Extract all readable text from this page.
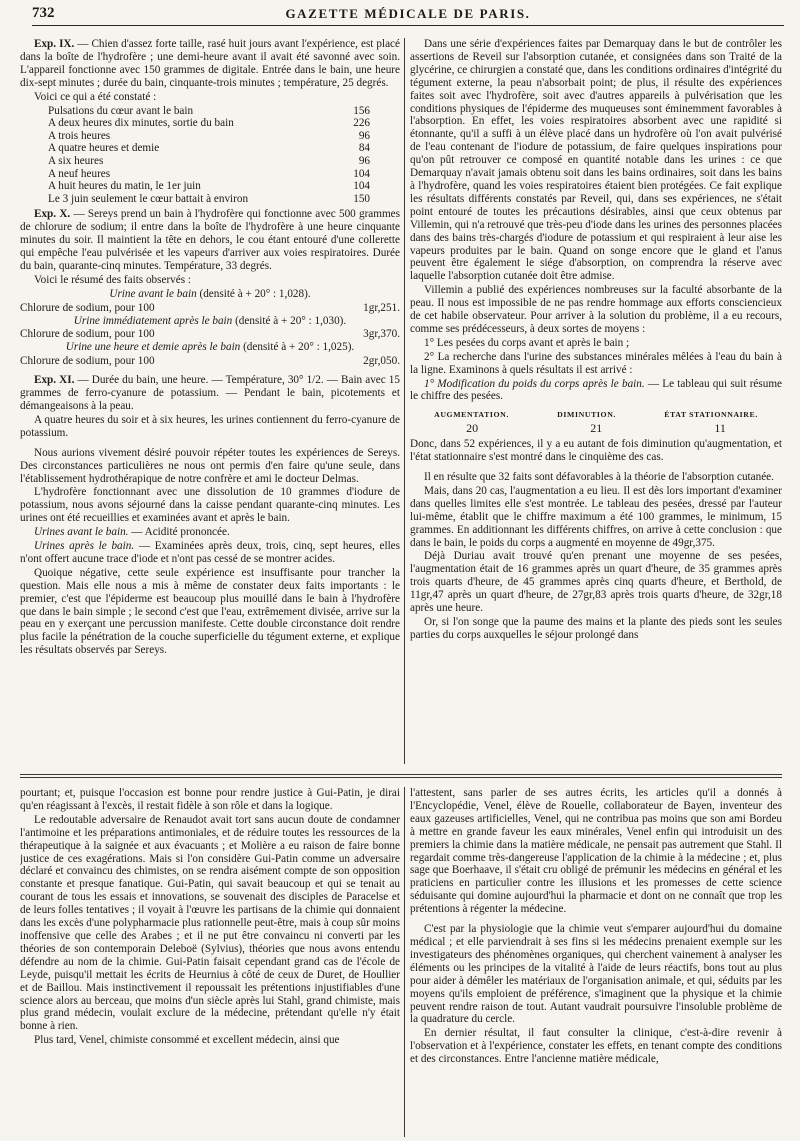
732	GAZETTE MÉDICALE DE PARIS.

Exp. IX. — Chien d'assez forte taille, rasé huit jours avant l'expérience, est placé dans la boîte de l'hydrofère ; une demi-heure avant il avait été savonné avec soin. L'appareil fonctionne avec 150 grammes de digitale. Entrée dans le bain, une heure dix-sept minutes ; durée du bain, cinquante-trois minutes ; température, 25 degrés.

Voici ce qui a été constaté :

Pulsations du cœur avant le bain	156
A deux heures dix minutes, sortie du bain	226
A trois heures	96
A quatre heures et demie	84
A six heures	96
A neuf heures	104
A huit heures du matin, le 1er juin	104
Le 3 juin seulement le cœur battait à environ	150

Exp. X. — Sereys prend un bain à l'hydrofère qui fonctionne avec 500 grammes de chlorure de sodium; il entre dans la boîte de l'hydrofère à une heure cinquante minutes du soir. Il maintient la tête en dehors, le cou étant entouré d'une collerette qui empêche l'eau pulvérisée et les vapeurs d'arriver aux voies respiratoires. Durée du bain, quarante-cinq minutes. Température, 33 degrés.

Voici le résumé des faits observés :

Urine avant le bain (densité à + 20° : 1,028).

Chlorure de sodium, pour 100	1gr,251.

Urine immédiatement après le bain (densité à + 20° : 1,030).

Chlorure de sodium, pour 100	3gr,370.

Urine une heure et demie après le bain (densité à + 20° : 1,025).

Chlorure de sodium, pour 100	2gr,050.

Exp. XI. — Durée du bain, une heure. — Température, 30° 1/2. — Bain avec 15 grammes de ferro-cyanure de potassium. — Pendant le bain, picotements et démangeaisons à la peau.

A quatre heures du soir et à six heures, les urines contiennent du ferro-cyanure de potassium.

Nous aurions vivement désiré pouvoir répéter toutes les expériences de Sereys. Des circonstances particulières ne nous ont permis d'en faire qu'une seule, dans l'établissement hydrothérapique de notre confrère et ami le docteur Delmas.

L'hydrofère fonctionnant avec une dissolution de 10 grammes d'iodure de potassium, nous avons séjourné dans la caisse pendant quarante-cinq minutes. Les urines ont été recueillies et examinées avant et après le bain.

Urines avant le bain. — Acidité prononcée.

Urines après le bain. — Examinées après deux, trois, cinq, sept heures, elles n'ont offert aucune trace d'iode et n'ont pas cessé de se montrer acides.

Quoique négative, cette seule expérience est insuffisante pour trancher la question. Mais elle nous a mis à même de constater deux faits importants : le premier, c'est que l'épiderme est beaucoup plus mouillé dans le bain à l'hydrofère que dans le bain simple ; le second c'est que l'eau, extrêmement divisée, arrive sur la peau en y exerçant une percussion manifeste. Cette double circonstance doit rendre plus facile la pénétration de la couche superficielle du tégument externe, et explique les résultats observés par Sereys.

Dans une série d'expériences faites par Demarquay dans le but de contrôler les assertions de Reveil sur l'absorption cutanée, et consignées dans son Traité de la glycérine, ce chirurgien a constaté que, dans les conditions ordinaires d'intégrité du tégument externe, la peau n'absorbait point; de plus, il résulte des expériences faites soit avec l'hydrofère, soit avec d'autres appareils à pulvérisation que les conditions physiques de l'épiderme des muqueuses sont éminemment favorables à l'absorption. En effet, les voies respiratoires absorbent avec une rapidité si étonnante, qu'il a suffi à un élève placé dans un hydrofère où l'on avait pulvérisé de l'eau contenant de l'iodure de potassium, de faire quelques inspirations pour qu'on pût retrouver ce composé en quantité notable dans les urines : ce que Demarquay n'avait jamais obtenu soit dans les bains ordinaires, soit dans les bains à l'hydrofère, quand les voies respiratoires étaient bien protégées. Ce fait explique les résultats différents constatés par Reveil, qui, dans ses expériences, ne s'était point entouré de toutes les précautions désirables, ainsi que ceux obtenus par Villemin, qui n'a retrouvé que très-peu d'iode dans les urines des personnes placées dans des bains très-chargés d'iodure de potassium et qui respiraient à leur aise les vapeurs produites par le bain. Quand on songe encore que le gland et l'anus peuvent être également le siége d'absorption, on comprendra la réserve avec laquelle l'absorption cutanée doit être admise.

Villemin a publié des expériences nombreuses sur la faculté absorbante de la peau. Il nous est impossible de ne pas rendre hommage aux efforts consciencieux de cet habile observateur. Pour arriver à la solution du problème, il a eu recours, comme ses prédécesseurs, à deux sortes de moyens :

1° Les pesées du corps avant et après le bain ;

2° La recherche dans l'urine des substances minérales mêlées à l'eau du bain à la ligne. Examinons à quels résultats il est arrivé :

1° Modification du poids du corps après le bain. — Le tableau qui suit résume le chiffre des pesées.

AUGMENTATION.	DIMINUTION.	ÉTAT STATIONNAIRE.
20	21	11

Donc, dans 52 expériences, il y a eu autant de fois diminution qu'augmentation, et l'état stationnaire s'est montré dans le cinquième des cas.

Il en résulte que 32 faits sont défavorables à la théorie de l'absorption cutanée.

Mais, dans 20 cas, l'augmentation a eu lieu. Il est dès lors important d'examiner dans quelles limites elle s'est montrée. Le tableau des pesées, dressé par l'auteur lui-même, établit que le chiffre maximum a été 100 grammes, le minimum, 15 grammes. En additionnant les différents chiffres, on arrive à cette conclusion : que dans le bain, le poids du corps a augmenté en moyenne de 49gr,375.

Déjà Duriau avait trouvé qu'en prenant une moyenne de ses pesées, l'augmentation était de 16 grammes après un quart d'heure, de 35 grammes après trois quarts d'heure, de 45 grammes après cinq quarts d'heure, et Berthold, de 11gr,47 après un quart d'heure, de 27gr,83 après trois quarts d'heure, de 32gr,18 après une heure.

Or, si l'on songe que la paume des mains et la plante des pieds sont les seules parties du corps auxquelles le séjour prolongé dans

pourtant; et, puisque l'occasion est bonne pour rendre justice à Gui-Patin, je dirai qu'en réagissant à l'excès, il restait fidèle à son rôle et dans la logique.

Le redoutable adversaire de Renaudot avait tort sans aucun doute de condamner l'antimoine et les préparations antimoniales, et de réduire toutes les ressources de la thérapeutique à la saignée et aux évacuants ; et Molière a eu raison de faire bonne justice de ces exagérations. Mais si l'on considère Gui-Patin comme un adversaire déclaré et convaincu des chimistes, on se rendra aisément compte de son opposition constante et presque fanatique. Gui-Patin, qui savait beaucoup et qui se tenait au courant de tous les essais et innovations, se souvenait des disciples de Paracelse et de leurs folles tentatives ; il voyait à l'œuvre les partisans de la chimie qui donnaient dans les excès d'une polypharmacie plus rationnelle peut-être, mais à coup sûr moins inoffensive que celle des Arabes ; et il ne put être convaincu ni converti par les théories de son contemporain Deleboë (Sylvius), théories que nous avons entendu défendre au nom de la chimie. Gui-Patin faisait cependant grand cas de l'école de Leyde, puisqu'il mettait les écrits de Heurnius à côté de ceux de Duret, de Houllier et de Baillou. Mais instinctivement il repoussait les prétentions injustifiables d'une science alors au berceau, que moins d'un siècle après lui Stahl, grand chimiste, mais plus grand médecin, voulait exclure de la médecine, prétendant qu'elle n'y était bonne à rien.

Plus tard, Venel, chimiste consommé et excellent médecin, ainsi que

l'attestent, sans parler de ses autres écrits, les articles qu'il a donnés à l'Encyclopédie, Venel, élève de Rouelle, collaborateur de Bayen, inventeur des eaux gazeuses artificielles, Venel, qui ne contribua pas moins que son ami Bordeu à mettre en grande faveur les eaux minérales, Venel enfin qui introduisit un des premiers la chimie dans la matière médicale, ne pensait pas autrement que Stahl. Il regardait comme très-dangereuse l'application de la chimie à la médecine ; et, plus sage que Boerhaave, il s'était cru obligé de prémunir les médecins en général et les praticiens en particulier contre les illusions et les promesses de cette science séduisante qui domine aujourd'hui la pharmacie et dont on ne connaît que trop les prétentions à régenter la médecine.

C'est par la physiologie que la chimie veut s'emparer aujourd'hui du domaine médical ; et elle parviendrait à ses fins si les médecins prenaient exemple sur les investigateurs des phénomènes organiques, qui cherchent vainement à analyser les éléments ou les principes de la vitalité à l'aide de leurs réactifs, bons tout au plus pour aider à démêler les matériaux de l'organisation animale, et qui, séduits par les moyens qu'ils emploient de préférence, s'imaginent que la physique et la chimie peuvent rendre raison de tout. Autant vaudrait poursuivre l'insoluble problème de la quadrature du cercle.

En dernier résultat, il faut consulter la clinique, c'est-à-dire revenir à l'observation et à l'expérience, constater les effets, en tenant compte des conditions et des circonstances. Entre l'ancienne matière médicale,
